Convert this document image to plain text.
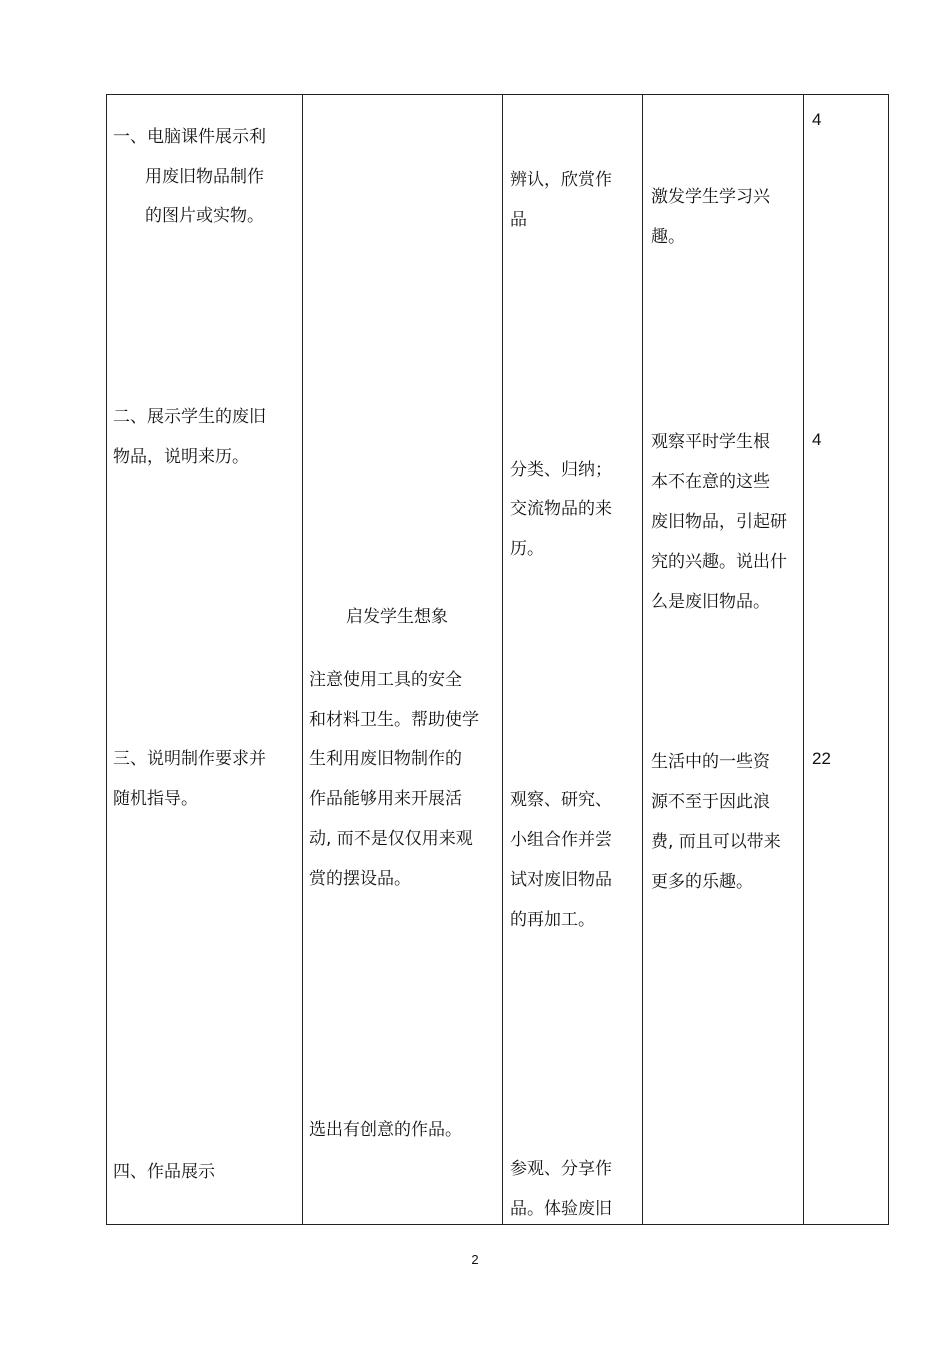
一、电脑课件展示利
用废旧物品制作
的图片或实物。
二、展示学生的废旧
物品，说明来历。
三、说明制作要求并
随机指导。
四、作品展示
启发学生想象
注意使用工具的安全
和材料卫生。帮助使学
生利用废旧物制作的
作品能够用来开展活
动, 而不是仅仅用来观
赏的摆设品。
选出有创意的作品。
辨认，欣赏作
品
分类、归纳；
交流物品的来
历。
观察、研究、
小组合作并尝
试对废旧物品
的再加工。
参观、分享作
品。体验废旧
激发学生学习兴
趣。
观察平时学生根
本不在意的这些
废旧物品，引起研
究的兴趣。说出什
么是废旧物品。
生活中的一些资
源不至于因此浪
费, 而且可以带来
更多的乐趣。
4
4
22
2
